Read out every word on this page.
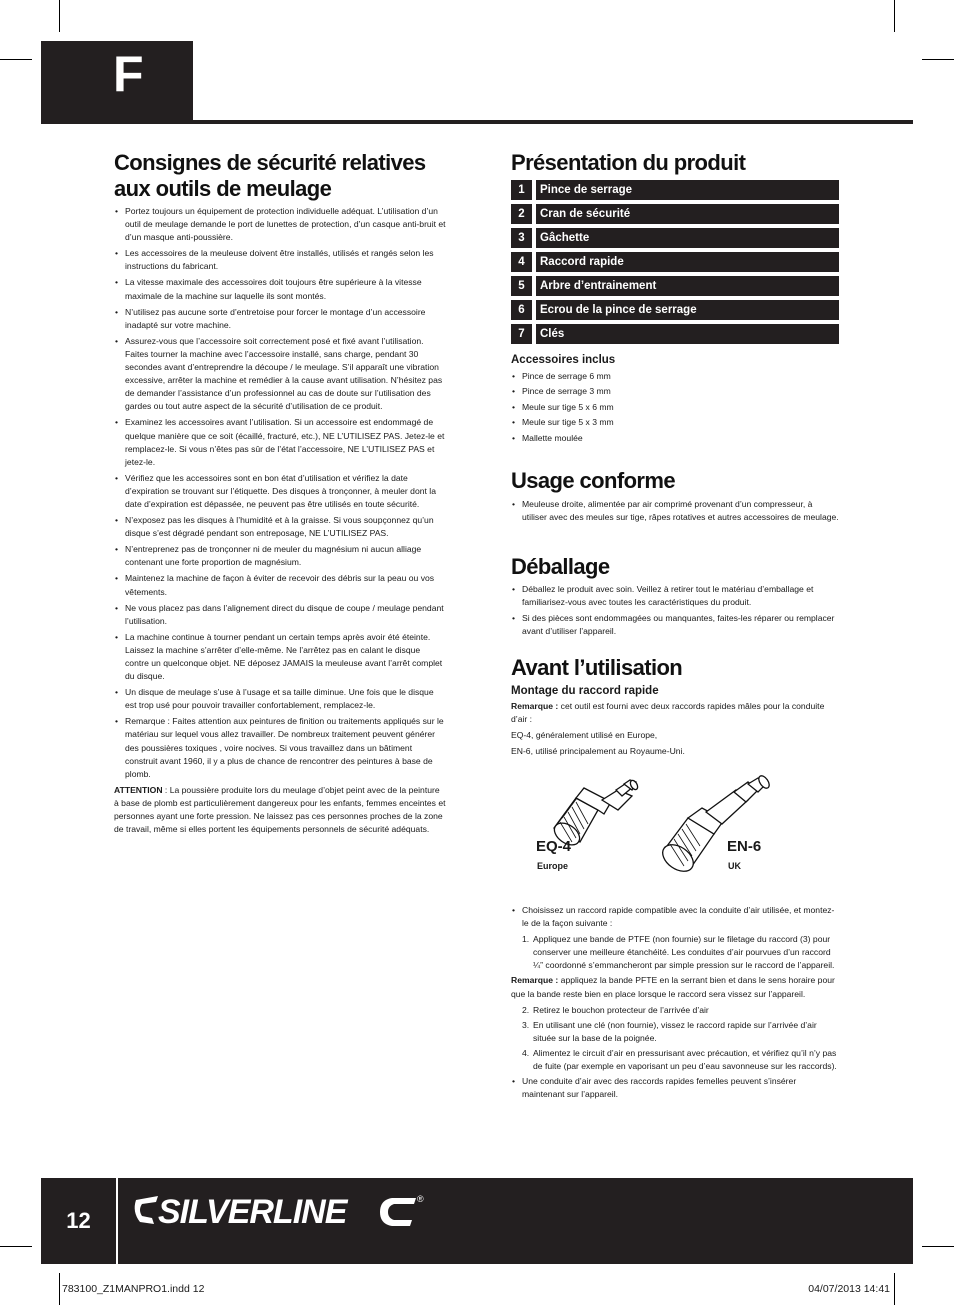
F
Consignes de sécurité relatives
aux outils de meulage
• Portez toujours un équipement de protection individuelle adéquat. L’utilisation d’un outil de meulage demande le port de lunettes de protection, d’un casque anti-bruit et d’un masque anti-poussière.
• Les accessoires de la meuleuse doivent être installés, utilisés et rangés selon les instructions du fabricant.
• La vitesse maximale des accessoires doit toujours être supérieure à la vitesse maximale de la machine sur laquelle ils sont montés.
• N’utilisez pas aucune sorte d’entretoise pour forcer le montage d’un accessoire inadapté sur votre machine.
• Assurez-vous que l’accessoire soit correctement posé et fixé avant l’utilisation. Faites tourner la machine avec l’accessoire installé, sans charge, pendant 30 secondes avant d’entreprendre la découpe / le meulage. S’il apparaît une vibration excessive, arrêter la machine et remédier à la cause avant utilisation. N’hésitez pas de demander l’assistance d’un professionnel au cas de doute sur l’utilisation des gardes ou tout autre aspect de la sécurité d’utilisation de ce produit.
• Examinez les accessoires avant l’utilisation. Si un accessoire est endommagé de quelque manière que ce soit (écaillé, fracturé, etc.), NE L’UTILISEZ PAS. Jetez-le et remplacez-le. Si vous n’êtes pas sûr de l’état l’accessoire, NE L’UTILISEZ PAS et jetez-le.
• Vérifiez que les accessoires sont en bon état d’utilisation et vérifiez la date d’expiration se trouvant sur l’étiquette. Des disques à tronçonner, à meuler dont la date d’expiration est dépassée, ne peuvent pas être utilisés en toute sécurité.
• N’exposez pas les disques à l’humidité et à la graisse. Si vous soupçonnez qu’un disque s’est dégradé pendant son entreposage, NE L’UTILISEZ PAS.
• N’entreprenez pas de tronçonner ni de meuler du magnésium ni aucun alliage contenant une forte proportion de magnésium.
• Maintenez la machine de façon à éviter de recevoir des débris sur la peau ou vos vêtements.
• Ne vous placez pas dans l’alignement direct du disque de coupe / meulage pendant l’utilisation.
• La machine continue à tourner pendant un certain temps après avoir été éteinte. Laissez la machine s’arrêter d’elle-même. Ne l’arrêtez pas en calant le disque contre un quelconque objet. NE déposez JAMAIS la meuleuse avant l’arrêt complet du disque.
• Un disque de meulage s’use à l’usage et sa taille diminue. Une fois que le disque est trop usé pour pouvoir travailler confortablement, remplacez-le.
• Remarque : Faites attention aux peintures de finition ou traitements appliqués sur le matériau sur lequel vous allez travailler. De nombreux traitement peuvent générer des poussières toxiques , voire nocives. Si vous travaillez dans un bâtiment construit avant 1960, il y a plus de chance de rencontrer des peintures à base de plomb.

ATTENTION : La poussière produite lors du meulage d’objet peint avec de la peinture à base de plomb est particulièrement dangereux pour les enfants, femmes enceintes et personnes ayant une forte pression. Ne laissez pas ces personnes proches de la zone de travail, même si elles portent les équipements personnels de sécurité adéquats.

Présentation du produit
1	Pince de serrage
2	Cran de sécurité
3	Gâchette
4	Raccord rapide
5	Arbre d’entrainement
6	Ecrou de la pince de serrage
7	Clés
Accessoires inclus
• Pince de serrage 6 mm
• Pince de serrage 3 mm
• Meule sur tige 5 x 6 mm
• Meule sur tige 5 x 3 mm
• Mallette moulée
Usage conforme
• Meuleuse droite, alimentée par air comprimé provenant d’un compresseur, à utiliser avec des meules sur tige, râpes rotatives et autres accessoires de meulage.
Déballage
• Déballez le produit avec soin. Veillez à retirer tout le matériau d’emballage et familiarisez-vous avec toutes les caractéristiques du produit.
• Si des pièces sont endommagées ou manquantes, faites-les réparer ou remplacer avant d’utiliser l’appareil.
Avant l’utilisation
Montage du raccord rapide

Remarque : cet outil est fourni avec deux raccords rapides mâles pour la conduite d’air :

EQ-4, généralement utilisé en Europe,

EN-6, utilisé principalement au Royaume-Uni.

EQ-4
Europe
EN-6
UK
• Choisissez un raccord rapide compatible avec la conduite d’air utilisée, et montez- le de la façon suivante :
1. Appliquez une bande de PTFE (non fournie) sur le filetage du raccord (3) pour conserver une meilleure étanchéité. Les conduites d’air pourvues d’un raccord ¼” coordonné s’emmancheront par simple pression sur le raccord de l’appareil.

Remarque : appliquez la bande PFTE en la serrant bien et dans le sens horaire pour que la bande reste bien en place lorsque le raccord sera vissez sur l’appareil.

2. Retirez le bouchon protecteur de l’arrivée d’air
3. En utilisant une clé (non fournie), vissez le raccord rapide sur l’arrivée d’air située sur la base de la poignée.
4. Alimentez le circuit d’air en pressurisant avec précaution, et vérifiez qu’il n’y pas de fuite (par exemple en vaporisant un peu d’eau savonneuse sur les raccords).
• Une conduite d’air avec des raccords rapides femelles peuvent s’insérer maintenant sur l’appareil.
12	SILVERLINE	®
783100_Z1MANPRO1.indd 12	04/07/2013 14:41
